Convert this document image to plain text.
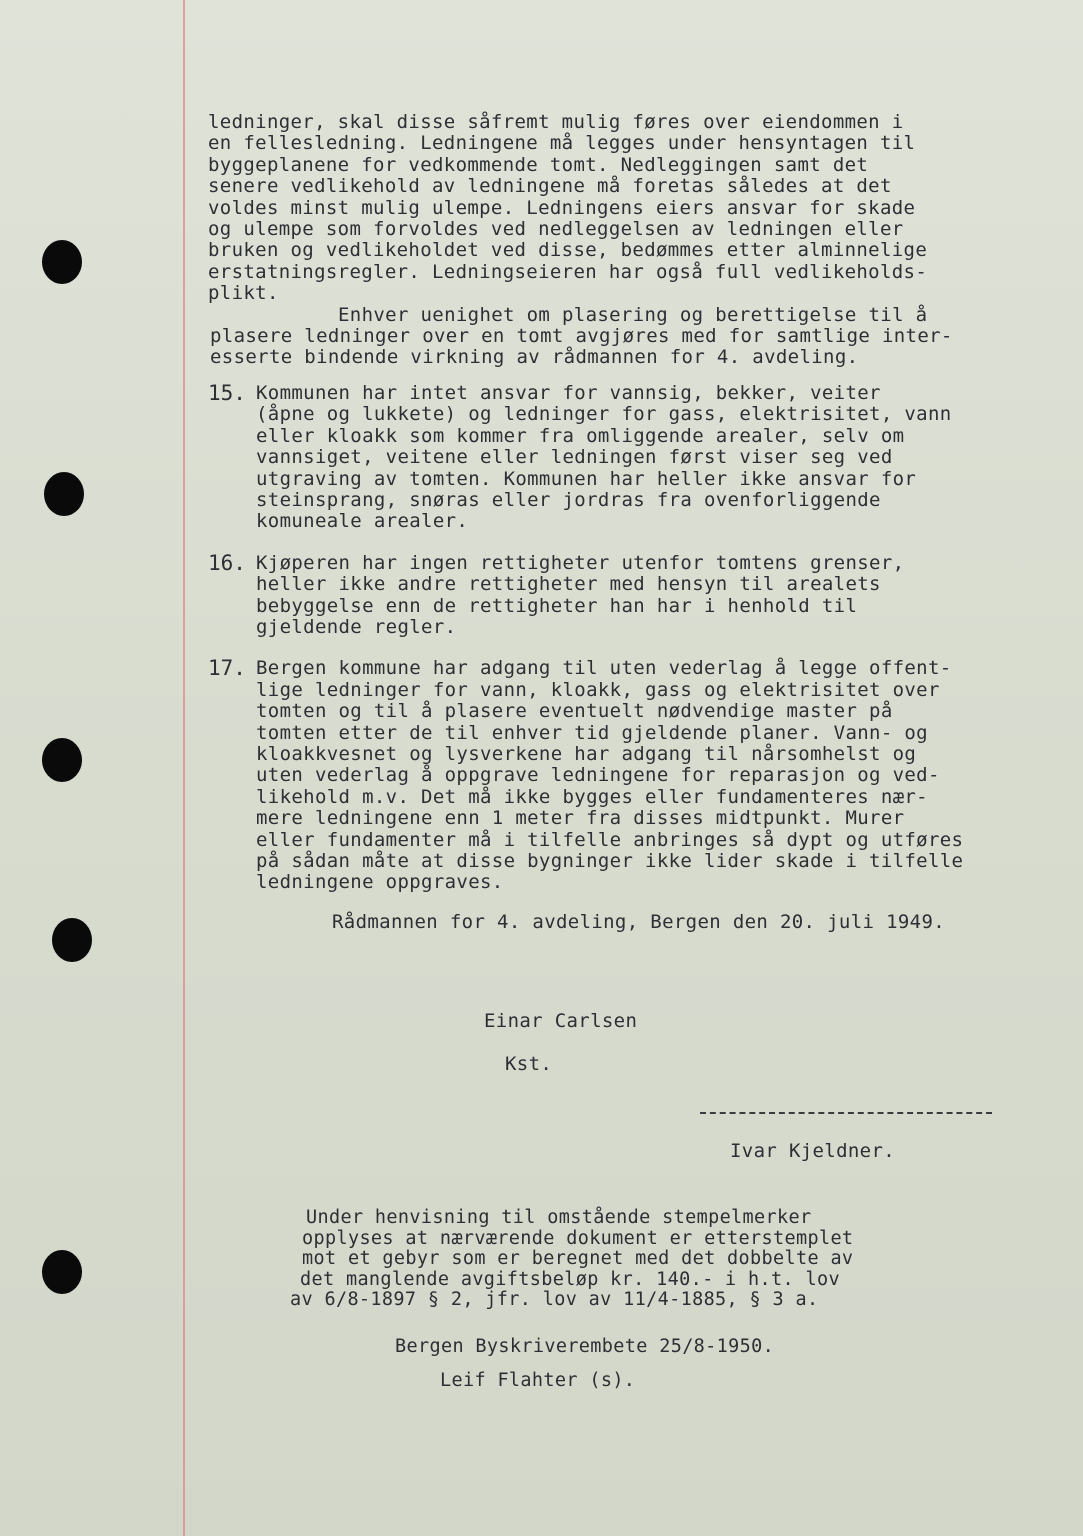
ledninger, skal disse såfremt mulig føres over eiendommen i
en fellesledning. Ledningene må legges under hensyntagen til
byggeplanene for vedkommende tomt. Nedleggingen samt det
senere vedlikehold av ledningene må foretas således at det
voldes minst mulig ulempe. Ledningens eiers ansvar for skade
og ulempe som forvoldes ved nedleggelsen av ledningen eller
bruken og vedlikeholdet ved disse, bedømmes etter alminnelige
erstatningsregler. Ledningseieren har også full vedlikeholds-
plikt.
Enhver uenighet om plasering og berettigelse til å
plasere ledninger over en tomt avgjøres med for samtlige inter-
esserte bindende virkning av rådmannen for 4. avdeling.
15. Kommunen har intet ansvar for vannsig, bekker, veiter
(åpne og lukkete) og ledninger for gass, elektrisitet, vann
eller kloakk som kommer fra omliggende arealer, selv om
vannsiget, veitene eller ledningen først viser seg ved
utgraving av tomten. Kommunen har heller ikke ansvar for
steinsprang, snøras eller jordras fra ovenforliggende
komuneale arealer.
16. Kjøperen har ingen rettigheter utenfor tomtens grenser,
heller ikke andre rettigheter med hensyn til arealets
bebyggelse enn de rettigheter han har i henhold til
gjeldende regler.
17. Bergen kommune har adgang til uten vederlag å legge offent-
lige ledninger for vann, kloakk, gass og elektrisitet over
tomten og til å plasere eventuelt nødvendige master på
tomten etter de til enhver tid gjeldende planer. Vann- og
kloakkvesnet og lysverkene har adgang til nårsomhelst og
uten vederlag å oppgrave ledningene for reparasjon og ved-
likehold m.v. Det må ikke bygges eller fundamenteres nær-
mere ledningene enn 1 meter fra disses midtpunkt. Murer
eller fundamenter må i tilfelle anbringes så dypt og utføres
på sådan måte at disse bygninger ikke lider skade i tilfelle
ledningene oppgraves.
Rådmannen for 4. avdeling, Bergen den 20. juli 1949.
Einar Carlsen
Kst.
Ivar Kjeldner.
Under henvisning til omstående stempelmerker
opplyses at nærværende dokument er etterstemplet
mot et gebyr som er beregnet med det dobbelte av
det manglende avgiftsbeløp kr. 140.- i h.t. lov
av 6/8-1897 § 2, jfr. lov av 11/4-1885, § 3 a.
Bergen Byskriverembete 25/8-1950.
Leif Flahter (s).
